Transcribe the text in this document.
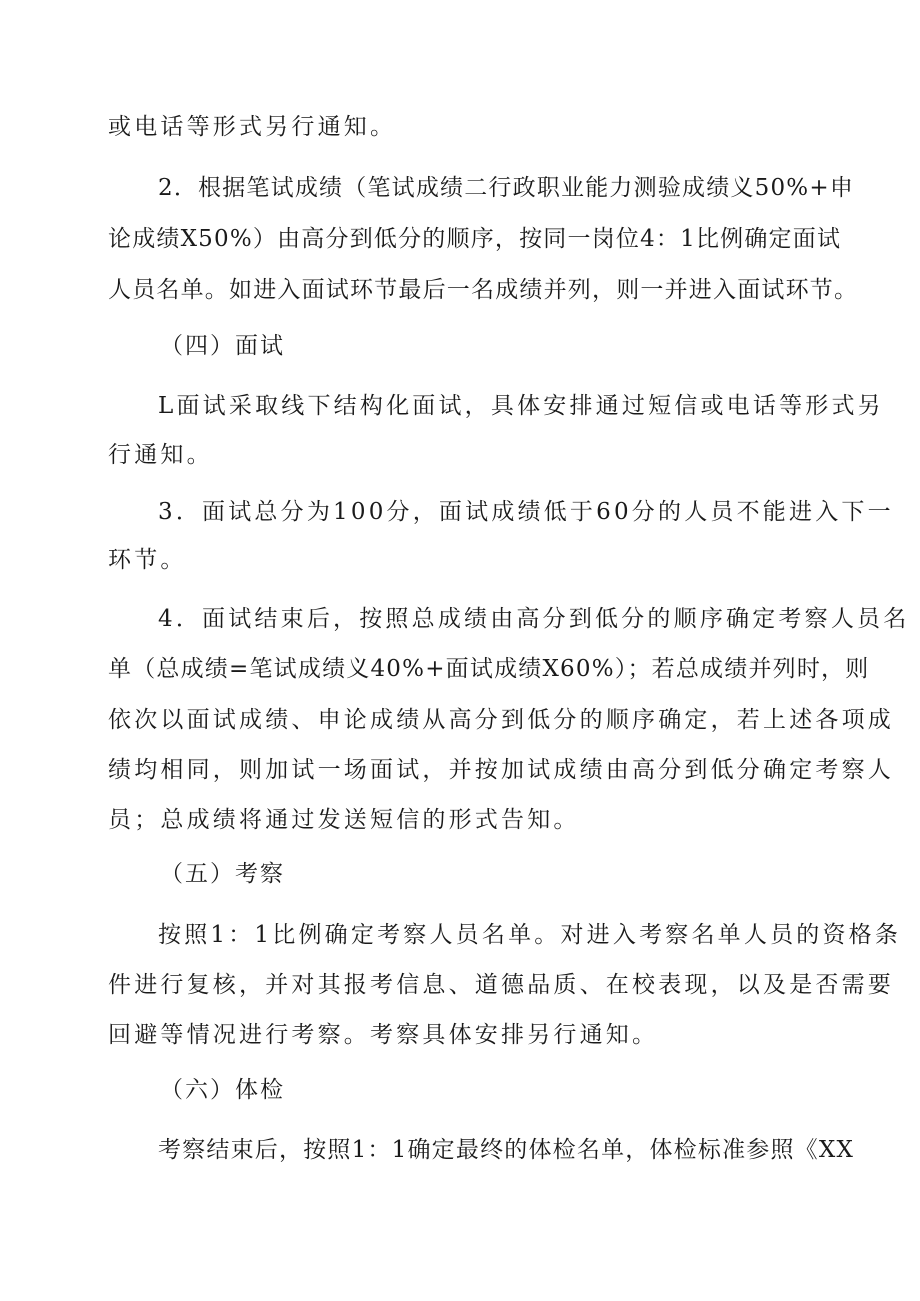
或电话等形式另行通知。
2．根据笔试成绩（笔试成绩二行政职业能力测验成绩义50%+申
论成绩X50%）由高分到低分的顺序，按同一岗位4：1比例确定面试
人员名单。如进入面试环节最后一名成绩并列，则一并进入面试环节。
（四）面试
L面试采取线下结构化面试，具体安排通过短信或电话等形式另
行通知。
3．面试总分为100分，面试成绩低于60分的人员不能进入下一
环节。
4．面试结束后，按照总成绩由高分到低分的顺序确定考察人员名
单（总成绩=笔试成绩义40%+面试成绩X60%）；若总成绩并列时，则
依次以面试成绩、申论成绩从高分到低分的顺序确定，若上述各项成
绩均相同，则加试一场面试，并按加试成绩由高分到低分确定考察人
员；总成绩将通过发送短信的形式告知。
（五）考察
按照1：1比例确定考察人员名单。对进入考察名单人员的资格条
件进行复核，并对其报考信息、道德品质、在校表现，以及是否需要
回避等情况进行考察。考察具体安排另行通知。
（六）体检
考察结束后，按照1：1确定最终的体检名单，体检标准参照《XX
